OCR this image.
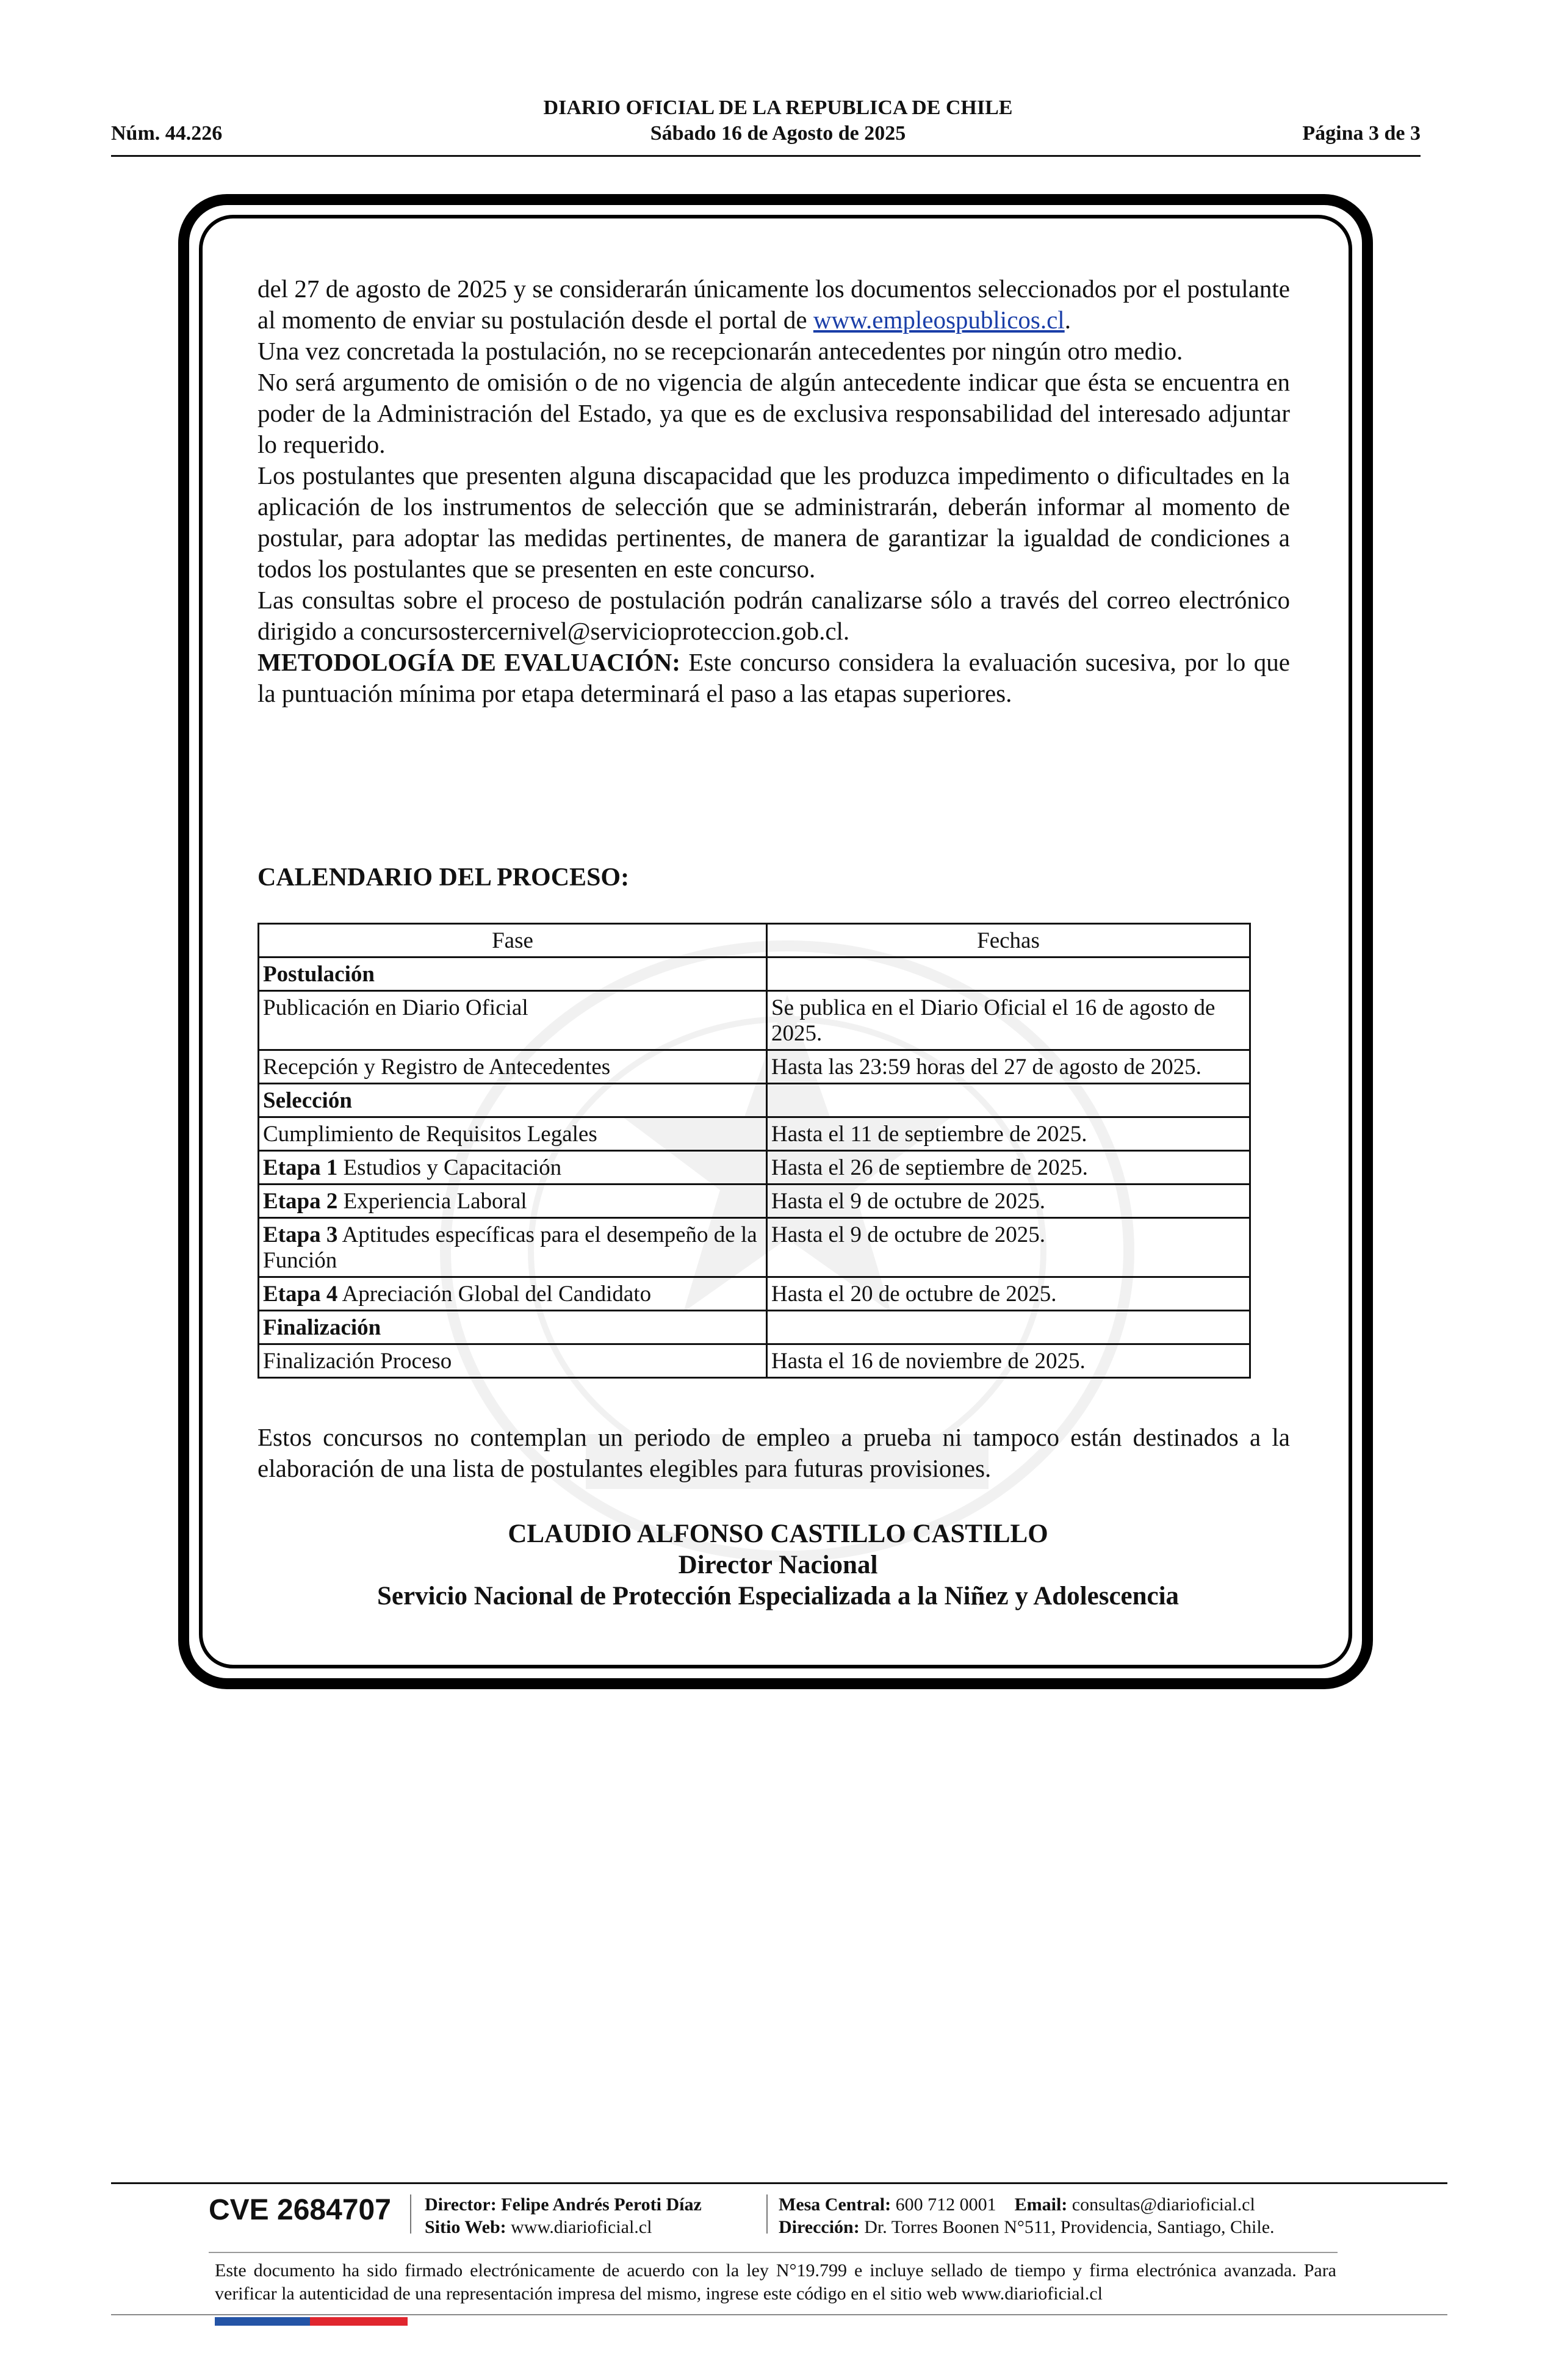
DIARIO OFICIAL DE LA REPUBLICA DE CHILE
Sábado 16 de Agosto de 2025
Núm. 44.226	Página 3 de 3

del 27 de agosto de 2025 y se considerarán únicamente los documentos seleccionados por el postulante al momento de enviar su postulación desde el portal de www.empleospublicos.cl.

Una vez concretada la postulación, no se recepcionarán antecedentes por ningún otro medio.

No será argumento de omisión o de no vigencia de algún antecedente indicar que ésta se encuentra en poder de la Administración del Estado, ya que es de exclusiva responsabilidad del interesado adjuntar lo requerido.

Los postulantes que presenten alguna discapacidad que les produzca impedimento o dificultades en la aplicación de los instrumentos de selección que se administrarán, deberán informar al momento de postular, para adoptar las medidas pertinentes, de manera de garantizar la igualdad de condiciones a todos los postulantes que se presenten en este concurso.

Las consultas sobre el proceso de postulación podrán canalizarse sólo a través del correo electrónico dirigido a concursostercernivel@servicioproteccion.gob.cl.

METODOLOGÍA DE EVALUACIÓN: Este concurso considera la evaluación sucesiva, por lo que la puntuación mínima por etapa determinará el paso a las etapas superiores.

CALENDARIO DEL PROCESO:
Fase	Fechas
Postulación	
Publicación en Diario Oficial	Se publica en el Diario Oficial el 16 de agosto de 2025.
Recepción y Registro de Antecedentes	Hasta las 23:59 horas del 27 de agosto de 2025.
Selección	
Cumplimiento de Requisitos Legales	Hasta el 11 de septiembre de 2025.
Etapa 1 Estudios y Capacitación	Hasta el 26 de septiembre de 2025.
Etapa 2 Experiencia Laboral	Hasta el 9 de octubre de 2025.
Etapa 3 Aptitudes específicas para el desempeño de la Función	Hasta el 9 de octubre de 2025.
Etapa 4 Apreciación Global del Candidato	Hasta el 20 de octubre de 2025.
Finalización	
Finalización Proceso	Hasta el 16 de noviembre de 2025.
Estos concursos no contemplan un periodo de empleo a prueba ni tampoco están destinados a la elaboración de una lista de postulantes elegibles para futuras provisiones.
CLAUDIO ALFONSO CASTILLO CASTILLO
Director Nacional
Servicio Nacional de Protección Especializada a la Niñez y Adolescencia
CVE 2684707 Director: Felipe Andrés Peroti Díaz
Sitio Web: www.diarioficial.cl
Mesa Central: 600 712 0001 Email: consultas@diarioficial.cl
Dirección: Dr. Torres Boonen N°511, Providencia, Santiago, Chile.
Este documento ha sido firmado electrónicamente de acuerdo con la ley N°19.799 e incluye sellado de tiempo y firma electrónica avanzada. Para verificar la autenticidad de una representación impresa del mismo, ingrese este código en el sitio web www.diarioficial.cl
